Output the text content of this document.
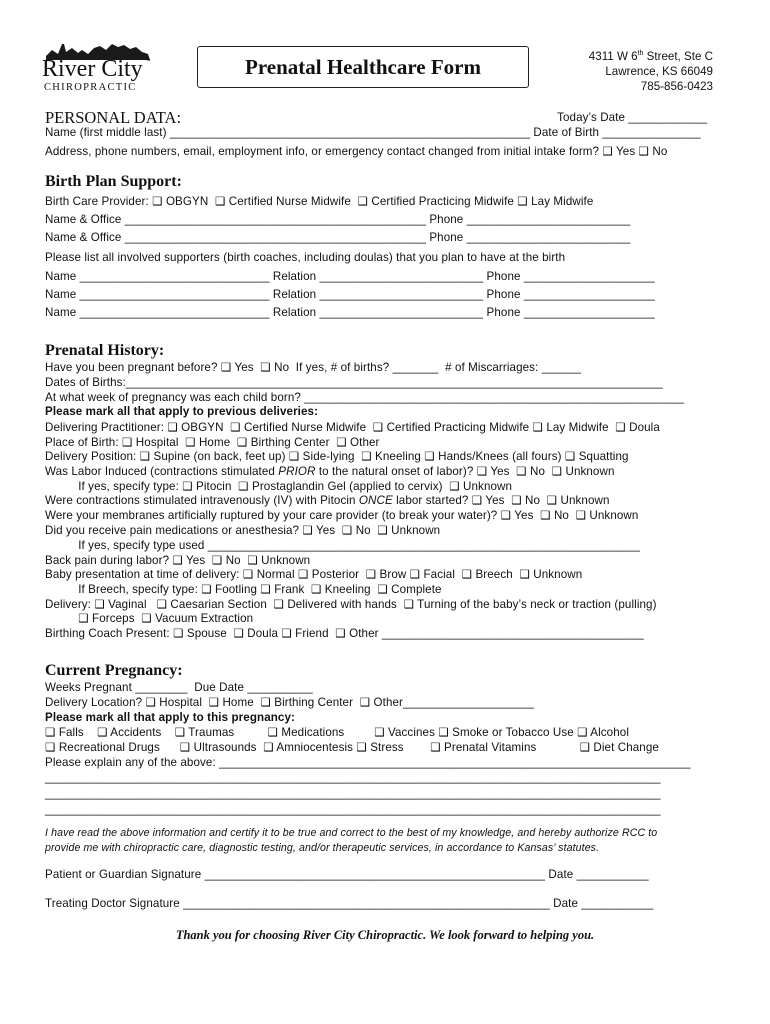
River City
CHIROPRACTIC
Prenatal Healthcare Form	4311 W 6th Street, Ste C
Lawrence, KS 66049
785-856-0423
PERSONAL DATA:	Today’s Date ____________
Name (first middle last) _______________________________________________________ Date of Birth _______________
Address, phone numbers, email, employment info, or emergency contact changed from initial intake form? ❑ Yes ❑ No
Birth Plan Support:
Birth Care Provider: ❑ OBGYN  ❑ Certified Nurse Midwife  ❑ Certified Practicing Midwife ❑ Lay Midwife
Name & Office ______________________________________________ Phone _________________________
Name & Office ______________________________________________ Phone _________________________
Please list all involved supporters (birth coaches, including doulas) that you plan to have at the birth
Name _____________________________ Relation _________________________ Phone ____________________
Name _____________________________ Relation _________________________ Phone ____________________
Name _____________________________ Relation _________________________ Phone ____________________
Prenatal History:
Have you been pregnant before? ❑ Yes  ❑ No  If yes, # of births? _______  # of Miscarriages: ______
Dates of Births:__________________________________________________________________________________
At what week of pregnancy was each child born? __________________________________________________________
Please mark all that apply to previous deliveries:
Delivering Practitioner: ❑ OBGYN  ❑ Certified Nurse Midwife  ❑ Certified Practicing Midwife ❑ Lay Midwife  ❑ Doula
Place of Birth: ❑ Hospital  ❑ Home  ❑ Birthing Center  ❑ Other
Delivery Position: ❑ Supine (on back, feet up) ❑ Side-lying  ❑ Kneeling ❑ Hands/Knees (all fours) ❑ Squatting
Was Labor Induced (contractions stimulated PRIOR to the natural onset of labor)? ❑ Yes  ❑ No  ❑ Unknown
If yes, specify type: ❑ Pitocin  ❑ Prostaglandin Gel (applied to cervix)  ❑ Unknown
Were contractions stimulated intravenously (IV) with Pitocin ONCE labor started? ❑ Yes  ❑ No  ❑ Unknown
Were your membranes artificially ruptured by your care provider (to break your water)? ❑ Yes  ❑ No  ❑ Unknown
Did you receive pain medications or anesthesia? ❑ Yes  ❑ No  ❑ Unknown
If yes, specify type used __________________________________________________________________
Back pain during labor? ❑ Yes  ❑ No  ❑ Unknown
Baby presentation at time of delivery: ❑ Normal ❑ Posterior  ❑ Brow ❑ Facial  ❑ Breech  ❑ Unknown
If Breech, specify type: ❑ Footling ❑ Frank  ❑ Kneeling  ❑ Complete
Delivery: ❑ Vaginal   ❑ Caesarian Section  ❑ Delivered with hands  ❑ Turning of the baby’s neck or traction (pulling)
❑ Forceps  ❑ Vacuum Extraction
Birthing Coach Present: ❑ Spouse  ❑ Doula ❑ Friend  ❑ Other ________________________________________
Current Pregnancy:
Weeks Pregnant ________  Due Date __________
Delivery Location? ❑ Hospital  ❑ Home  ❑ Birthing Center  ❑ Other____________________
Please mark all that apply to this pregnancy:
❑ Falls    ❑ Accidents    ❑ Traumas          ❑ Medications         ❑ Vaccines ❑ Smoke or Tobacco Use ❑ Alcohol
❑ Recreational Drugs      ❑ Ultrasounds  ❑ Amniocentesis ❑ Stress        ❑ Prenatal Vitamins             ❑ Diet Change
Please explain any of the above: ________________________________________________________________________
______________________________________________________________________________________________
______________________________________________________________________________________________
______________________________________________________________________________________________
I have read the above information and certify it to be true and correct to the best of my knowledge, and hereby authorize RCC to
provide me with chiropractic care, diagnostic testing, and/or therapeutic services, in accordance to Kansas’ statutes.
Patient or Guardian Signature ____________________________________________________ Date ___________
Treating Doctor Signature ________________________________________________________ Date ___________
Thank you for choosing River City Chiropractic. We look forward to helping you.
